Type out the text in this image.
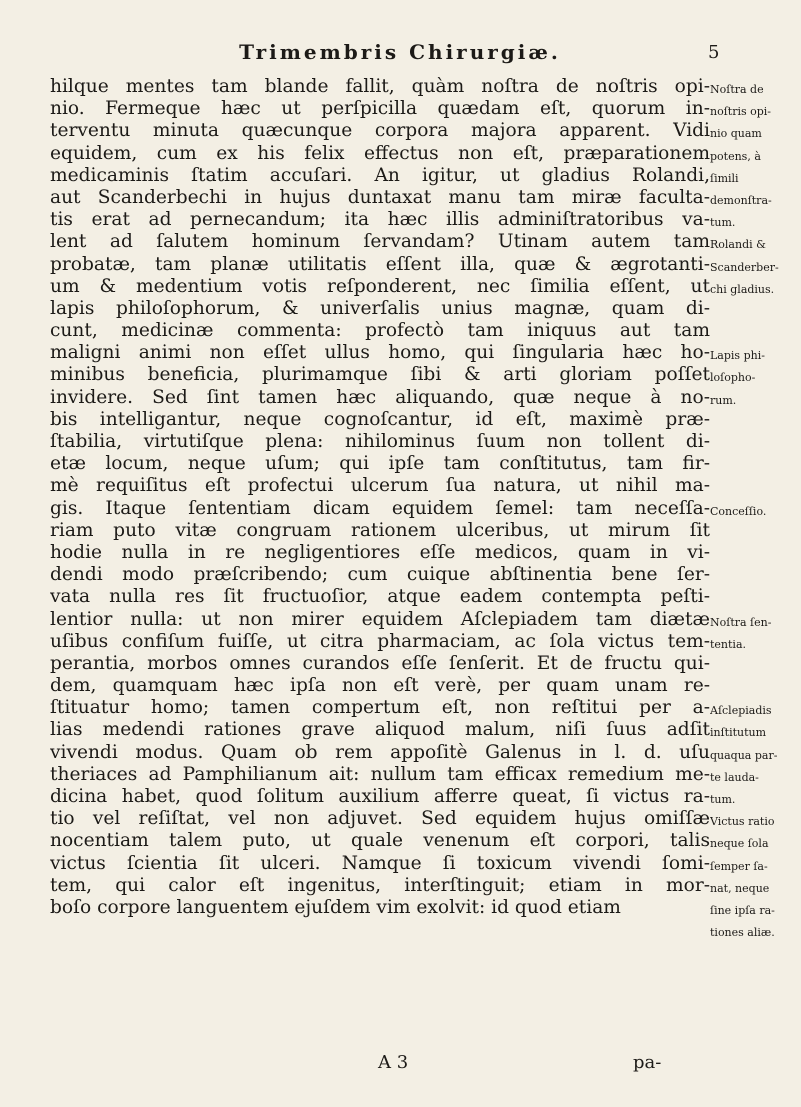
Trimembris Chirurgiæ.	5
hilque mentes tam blande fallit, quàm noſtra de noſtris opi-
nio. Fermeque hæc ut perſpicilla quædam eſt, quorum in-
terventu minuta quæcunque corpora majora apparent. Vidi
equidem, cum ex his felix effectus non eſt, præparationem
medicaminis ſtatim accuſari. An igitur, ut gladius Rolandi,
aut Scanderbechi in hujus duntaxat manu tam miræ faculta-
tis erat ad pernecandum; ita hæc illis adminiſtratoribus va-
lent ad ſalutem hominum ſervandam? Utinam autem tam
probatæ, tam planæ utilitatis eſſent illa, quæ & ægrotanti-
um & medentium votis reſponderent, nec ſimilia eſſent, ut
lapis philoſophorum, & univerſalis unius magnæ, quam di-
cunt, medicinæ commenta: profectò tam iniquus aut tam
maligni animi non eſſet ullus homo, qui ſingularia hæc ho-
minibus beneficia, plurimamque ſibi & arti gloriam poſſet
invidere. Sed ſint tamen hæc aliquando, quæ neque à no-
bis intelligantur, neque cognoſcantur, id eſt, maximè præ-
ſtabilia, virtutiſque plena: nihilominus ſuum non tollent di-
etæ locum, neque uſum; qui ipſe tam conſtitutus, tam fir-
mè requiſitus eſt profectui ulcerum ſua natura, ut nihil ma-
gis. Itaque ſententiam dicam equidem ſemel: tam neceſſa-
riam puto vitæ congruam rationem ulceribus, ut mirum ſit
hodie nulla in re negligentiores eſſe medicos, quam in vi-
dendi modo præſcribendo; cum cuique abſtinentia bene ſer-
vata nulla res ſit fructuoſior, atque eadem contempta peſti-
lentior nulla: ut non mirer equidem Aſclepiadem tam diætæ
uſibus confiſum fuiſſe, ut citra pharmaciam, ac ſola victus tem-
perantia, morbos omnes curandos eſſe ſenſerit. Et de fructu qui-
dem, quamquam hæc ipſa non eſt verè, per quam unam re-
ſtituatur homo; tamen compertum eſt, non reſtitui per a-
lias medendi rationes grave aliquod malum, niſi ſuus adſit
vivendi modus. Quam ob rem appoſitè Galenus in l. d. uſu
theriaces ad Pamphilianum ait: nullum tam efficax remedium me-
dicina habet, quod ſolitum auxilium afferre queat, ſi victus ra-
tio vel reſiſtat, vel non adjuvet. Sed equidem hujus omiſſæ
nocentiam talem puto, ut quale venenum eſt corpori, talis
victus ſcientia ſit ulceri. Namque ſi toxicum vivendi ſomi-
tem, qui calor eſt ingenitus, interſtinguit; etiam in mor-
boſo corpore languentem ejuſdem vim exolvit: id quod etiam
Noſtra de
noſtris opi-
nio quam
potens, à
ſimili
demonſtra-
tum.
Rolandi &
Scanderber-
chi gladius.
Lapis phi-
loſopho-
rum.
Conceſſio.
Noſtra ſen-
tentia.
Aſclepiadis
inſtitutum
quaqua par-
te lauda-
tum.
Victus ratio
neque ſola
ſemper ſa-
nat, neque
ſine ipſa ra-
tiones aliæ.
A 3	pa-
